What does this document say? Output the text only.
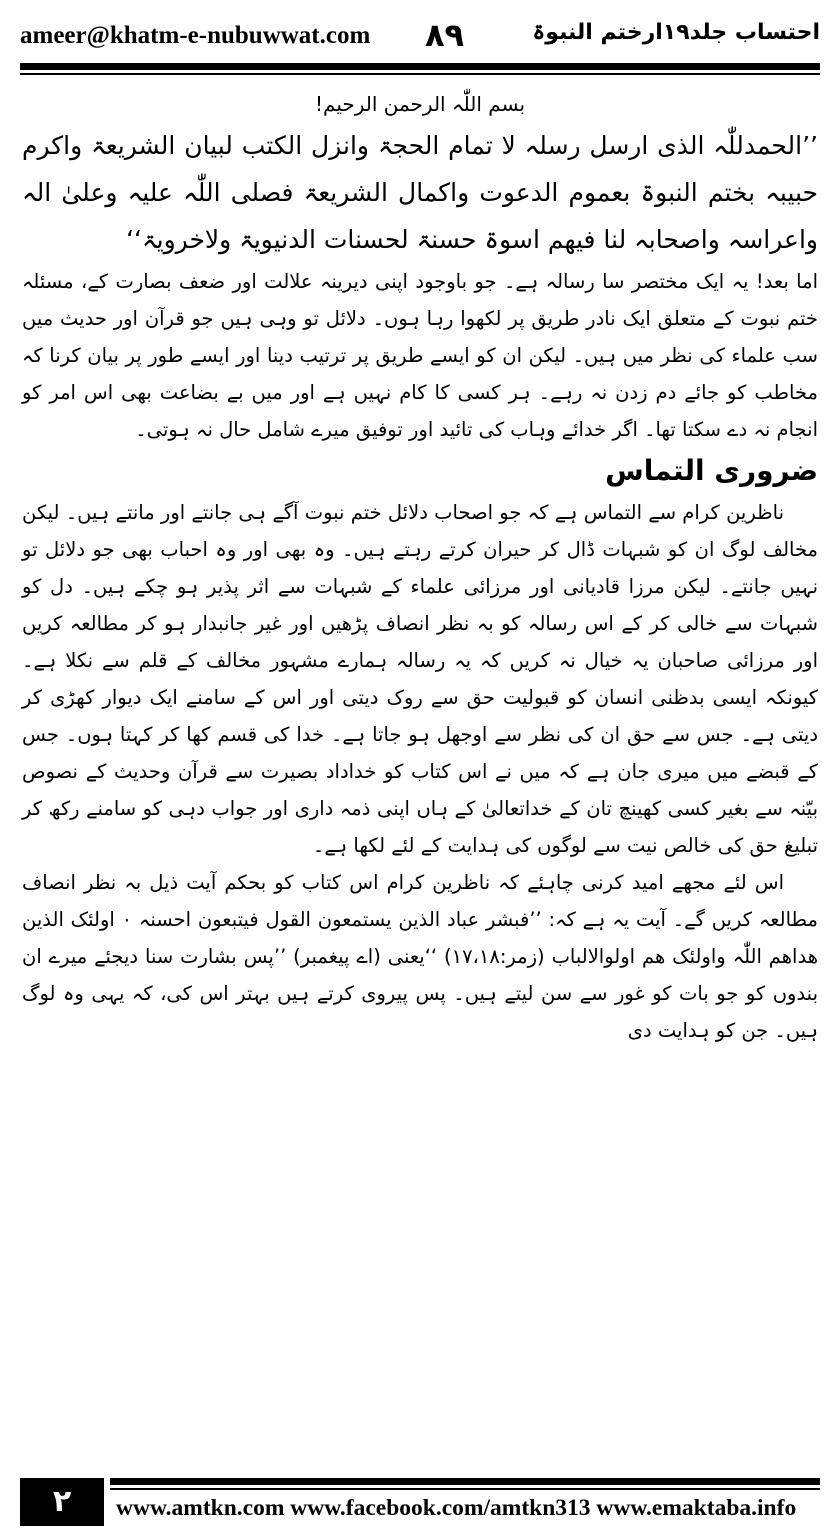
ameer@khatm-e-nubuwwat.com ٨٩	احتساب جلد۱۹ارختم النبوۃ
بسم اللّٰہ الرحمن الرحیم!
’’الحمدللّٰہ الذی ارسل رسلہ لا تمام الحجۃ وانزل الکتب لبیان الشریعۃ واکرم حبیبہ بختم النبوۃ بعموم الدعوت واکمال الشریعۃ فصلی اللّٰہ علیہ وعلیٰ الہ واعراسہ واصحابہ لنا فیھم اسوۃ حسنۃ لحسنات الدنیویۃ ولاخرویۃ‘‘
اما بعد! یہ ایک مختصر سا رسالہ ہے۔ جو باوجود اپنی دیرینہ علالت اور ضعف بصارت کے، مسئلہ ختم نبوت کے متعلق ایک نادر طریق پر لکھوا رہا ہوں۔ دلائل تو وہی ہیں جو قرآن اور حدیث میں سب علماء کی نظر میں ہیں۔ لیکن ان کو ایسے طریق پر ترتیب دینا اور ایسے طور پر بیان کرنا کہ مخاطب کو جائے دم زدن نہ رہے۔ ہر کسی کا کام نہیں ہے اور میں بے بضاعت بھی اس امر کو انجام نہ دے سکتا تھا۔ اگر خدائے وہاب کی تائید اور توفیق میرے شامل حال نہ ہوتی۔
ضروری التماس
ناظرین کرام سے التماس ہے کہ جو اصحاب دلائل ختم نبوت آگے ہی جانتے اور مانتے ہیں۔ لیکن مخالف لوگ ان کو شبہات ڈال کر حیران کرتے رہتے ہیں۔ وہ بھی اور وہ احباب بھی جو دلائل تو نہیں جانتے۔ لیکن مرزا قادیانی اور مرزائی علماء کے شبہات سے اثر پذیر ہو چکے ہیں۔ دل کو شبہات سے خالی کر کے اس رسالہ کو بہ نظر انصاف پڑھیں اور غیر جانبدار ہو کر مطالعہ کریں اور مرزائی صاحبان یہ خیال نہ کریں کہ یہ رسالہ ہمارے مشہور مخالف کے قلم سے نکلا ہے۔ کیونکہ ایسی بدظنی انسان کو قبولیت حق سے روک دیتی اور اس کے سامنے ایک دیوار کھڑی کر دیتی ہے۔ جس سے حق ان کی نظر سے اوجھل ہو جاتا ہے۔ خدا کی قسم کھا کر کہتا ہوں۔ جس کے قبضے میں میری جان ہے کہ میں نے اس کتاب کو خداداد بصیرت سے قرآن وحدیث کے نصوص بیّنہ سے بغیر کسی کھینچ تان کے خداتعالیٰ کے ہاں اپنی ذمہ داری اور جواب دہی کو سامنے رکھ کر تبلیغ حق کی خالص نیت سے لوگوں کی ہدایت کے لئے لکھا ہے۔
اس لئے مجھے امید کرنی چاہئے کہ ناظرین کرام اس کتاب کو بحکم آیت ذیل بہ نظر انصاف مطالعہ کریں گے۔ آیت یہ ہے کہ: ’’فبشر عباد الذین یستمعون القول فیتبعون احسنہ ۰ اولئک الذین ھداھم اللّٰہ واولئک ھم اولوالالباب (زمر:۱۷،۱۸) ‘‘یعنی (اے پیغمبر) ’’پس بشارت سنا دیجئے میرے ان بندوں کو جو بات کو غور سے سن لیتے ہیں۔ پس پیروی کرتے ہیں بہتر اس کی، کہ یہی وہ لوگ ہیں۔ جن کو ہدایت دی
۲	www.amtkn.com www.facebook.com/amtkn313 www.emaktaba.info
